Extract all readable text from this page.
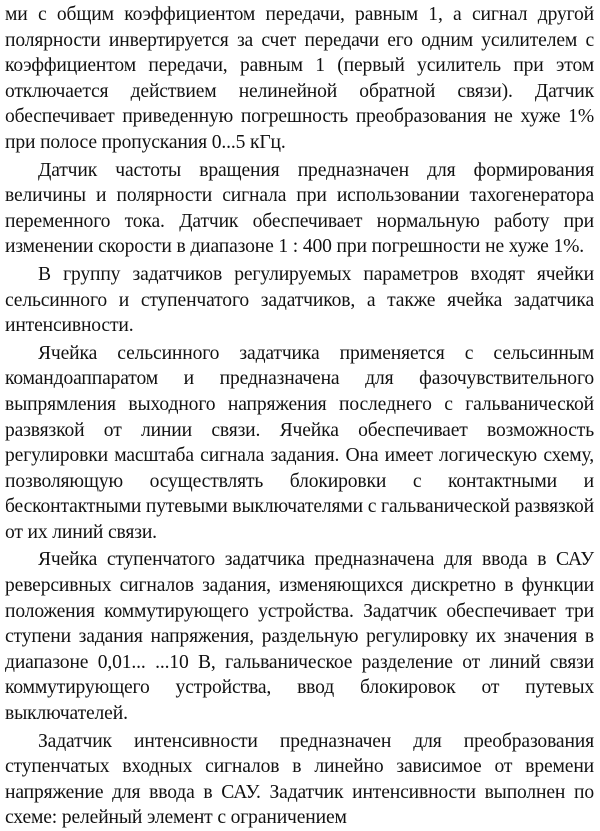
ми с общим коэффициентом передачи, равным 1, а сигнал другой полярности инвертируется за счет передачи его одним усилителем с коэффициентом передачи, равным 1 (первый усилитель при этом отключается действием нелинейной обратной связи). Датчик обеспечивает приведенную погрешность преобразования не хуже 1% при полосе пропускания 0...5 кГц.

Датчик частоты вращения предназначен для формирования величины и полярности сигнала при использовании тахогенератора переменного тока. Датчик обеспечивает нормальную работу при изменении скорости в диапазоне 1 : 400 при погрешности не хуже 1%.

В группу задатчиков регулируемых параметров входят ячейки сельсинного и ступенчатого задатчиков, а также ячейка задатчика интенсивности.

Ячейка сельсинного задатчика применяется с сельсинным командоаппаратом и предназначена для фазочувствительного выпрямления выходного напряжения последнего с гальванической развязкой от линии связи. Ячейка обеспечивает возможность регулировки масштаба сигнала задания. Она имеет логическую схему, позволяющую осуществлять блокировки с контактными и бесконтактными путевыми выключателями с гальванической развязкой от их линий связи.

Ячейка ступенчатого задатчика предназначена для ввода в САУ реверсивных сигналов задания, изменяющихся дискретно в функции положения коммутирующего устройства. Задатчик обеспечивает три ступени задания напряжения, раздельную регулировку их значения в диапазоне 0,01... ...10 В, гальваническое разделение от линий связи коммутирующего устройства, ввод блокировок от путевых выключателей.

Задатчик интенсивности предназначен для преобразования ступенчатых входных сигналов в линейно зависимое от времени напряжение для ввода в САУ. Задатчик интенсивности выполнен по схеме: релейный элемент с ограничением
